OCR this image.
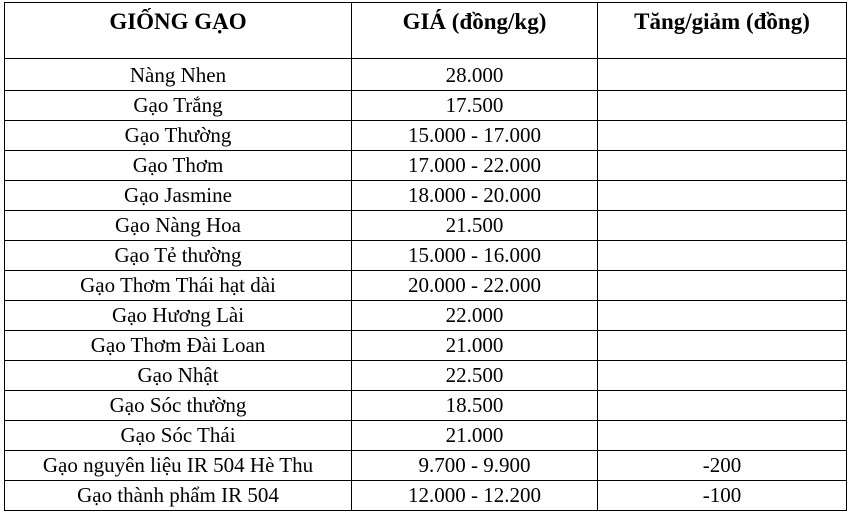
GIỐNG GẠO	GIÁ (đồng/kg)	Tăng/giảm (đồng)
Nàng Nhen	28.000	
Gạo Trắng	17.500	
Gạo Thường	15.000 - 17.000	
Gạo Thơm	17.000 - 22.000	
Gạo Jasmine	18.000 - 20.000	
Gạo Nàng Hoa	21.500	
Gạo Tẻ thường	15.000 - 16.000	
Gạo Thơm Thái hạt dài	20.000 - 22.000	
Gạo Hương Lài	22.000	
Gạo Thơm Đài Loan	21.000	
Gạo Nhật	22.500	
Gạo Sóc thường	18.500	
Gạo Sóc Thái	21.000	
Gạo nguyên liệu IR 504 Hè Thu	9.700 - 9.900	-200
Gạo thành phẩm IR 504	12.000 - 12.200	-100
